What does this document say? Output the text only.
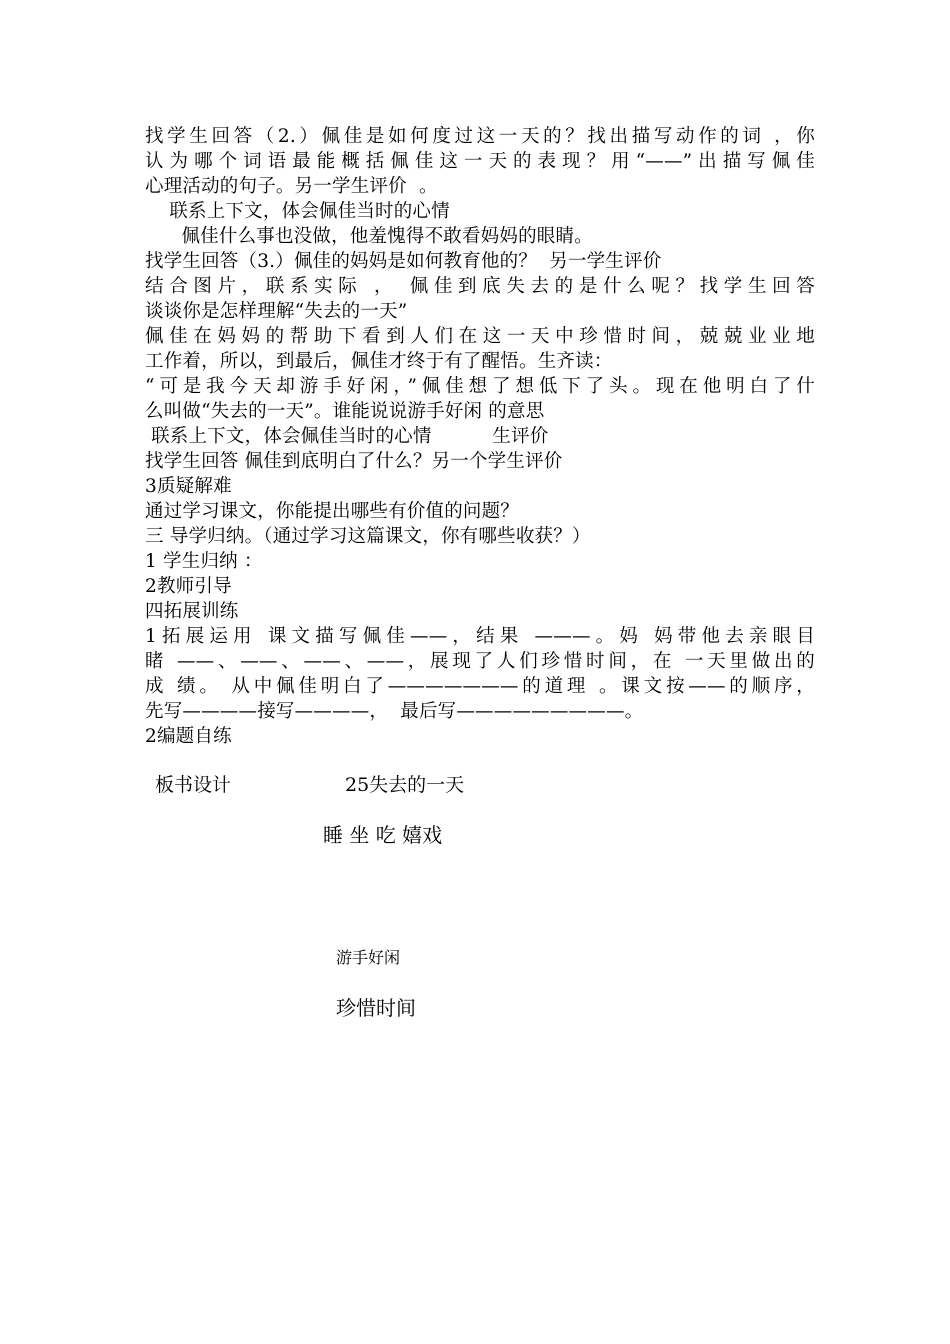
找学生回答（2.）佩佳是如何度过这一天的？找出描写动作的词 ，你
认为哪个词语最能概括佩佳这一天的表现？用“——”出描写佩佳
心理活动的句子。另一学生评价  。
联系上下文，体会佩佳当时的心情
佩佳什么事也没做，他羞愧得不敢看妈妈的眼睛。
找学生回答（3.）佩佳的妈妈是如何教育他的？  另一学生评价
结合图片，联系实际 ， 佩佳到底失去的是什么呢？找学生回答
谈谈你是怎样理解“失去的一天”
佩佳在妈妈的帮助下看到人们在这一天中珍惜时间，兢兢业业地
工作着，所以，到最后，佩佳才终于有了醒悟。生齐读：
“可是我今天却游手好闲，”佩佳想了想低下了头。现在他明白了什
么叫做“失去的一天”。谁能说说游手好闲 的意思
联系上下文，体会佩佳当时的心情          生评价
找学生回答 佩佳到底明白了什么？另一个学生评价
3质疑解难
通过学习课文，你能提出哪些有价值的问题？
三 导学归纳。（通过学习这篇课文，你有哪些收获？）
1 学生归纳 ：
2教师引导
四拓展训练
1拓展运用 课文描写佩佳——，结果 ———。妈 妈带他去亲眼目
睹 ——、——、——、——，展现了人们珍惜时间，在 一天里做出的
成 绩。 从中佩佳明白了———————的道理 。课文按——的顺序，
先写————接写————，  最后写—————————。
2编题自练
板书设计	25失去的一天
睡 坐 吃 嬉戏
游手好闲
珍惜时间
